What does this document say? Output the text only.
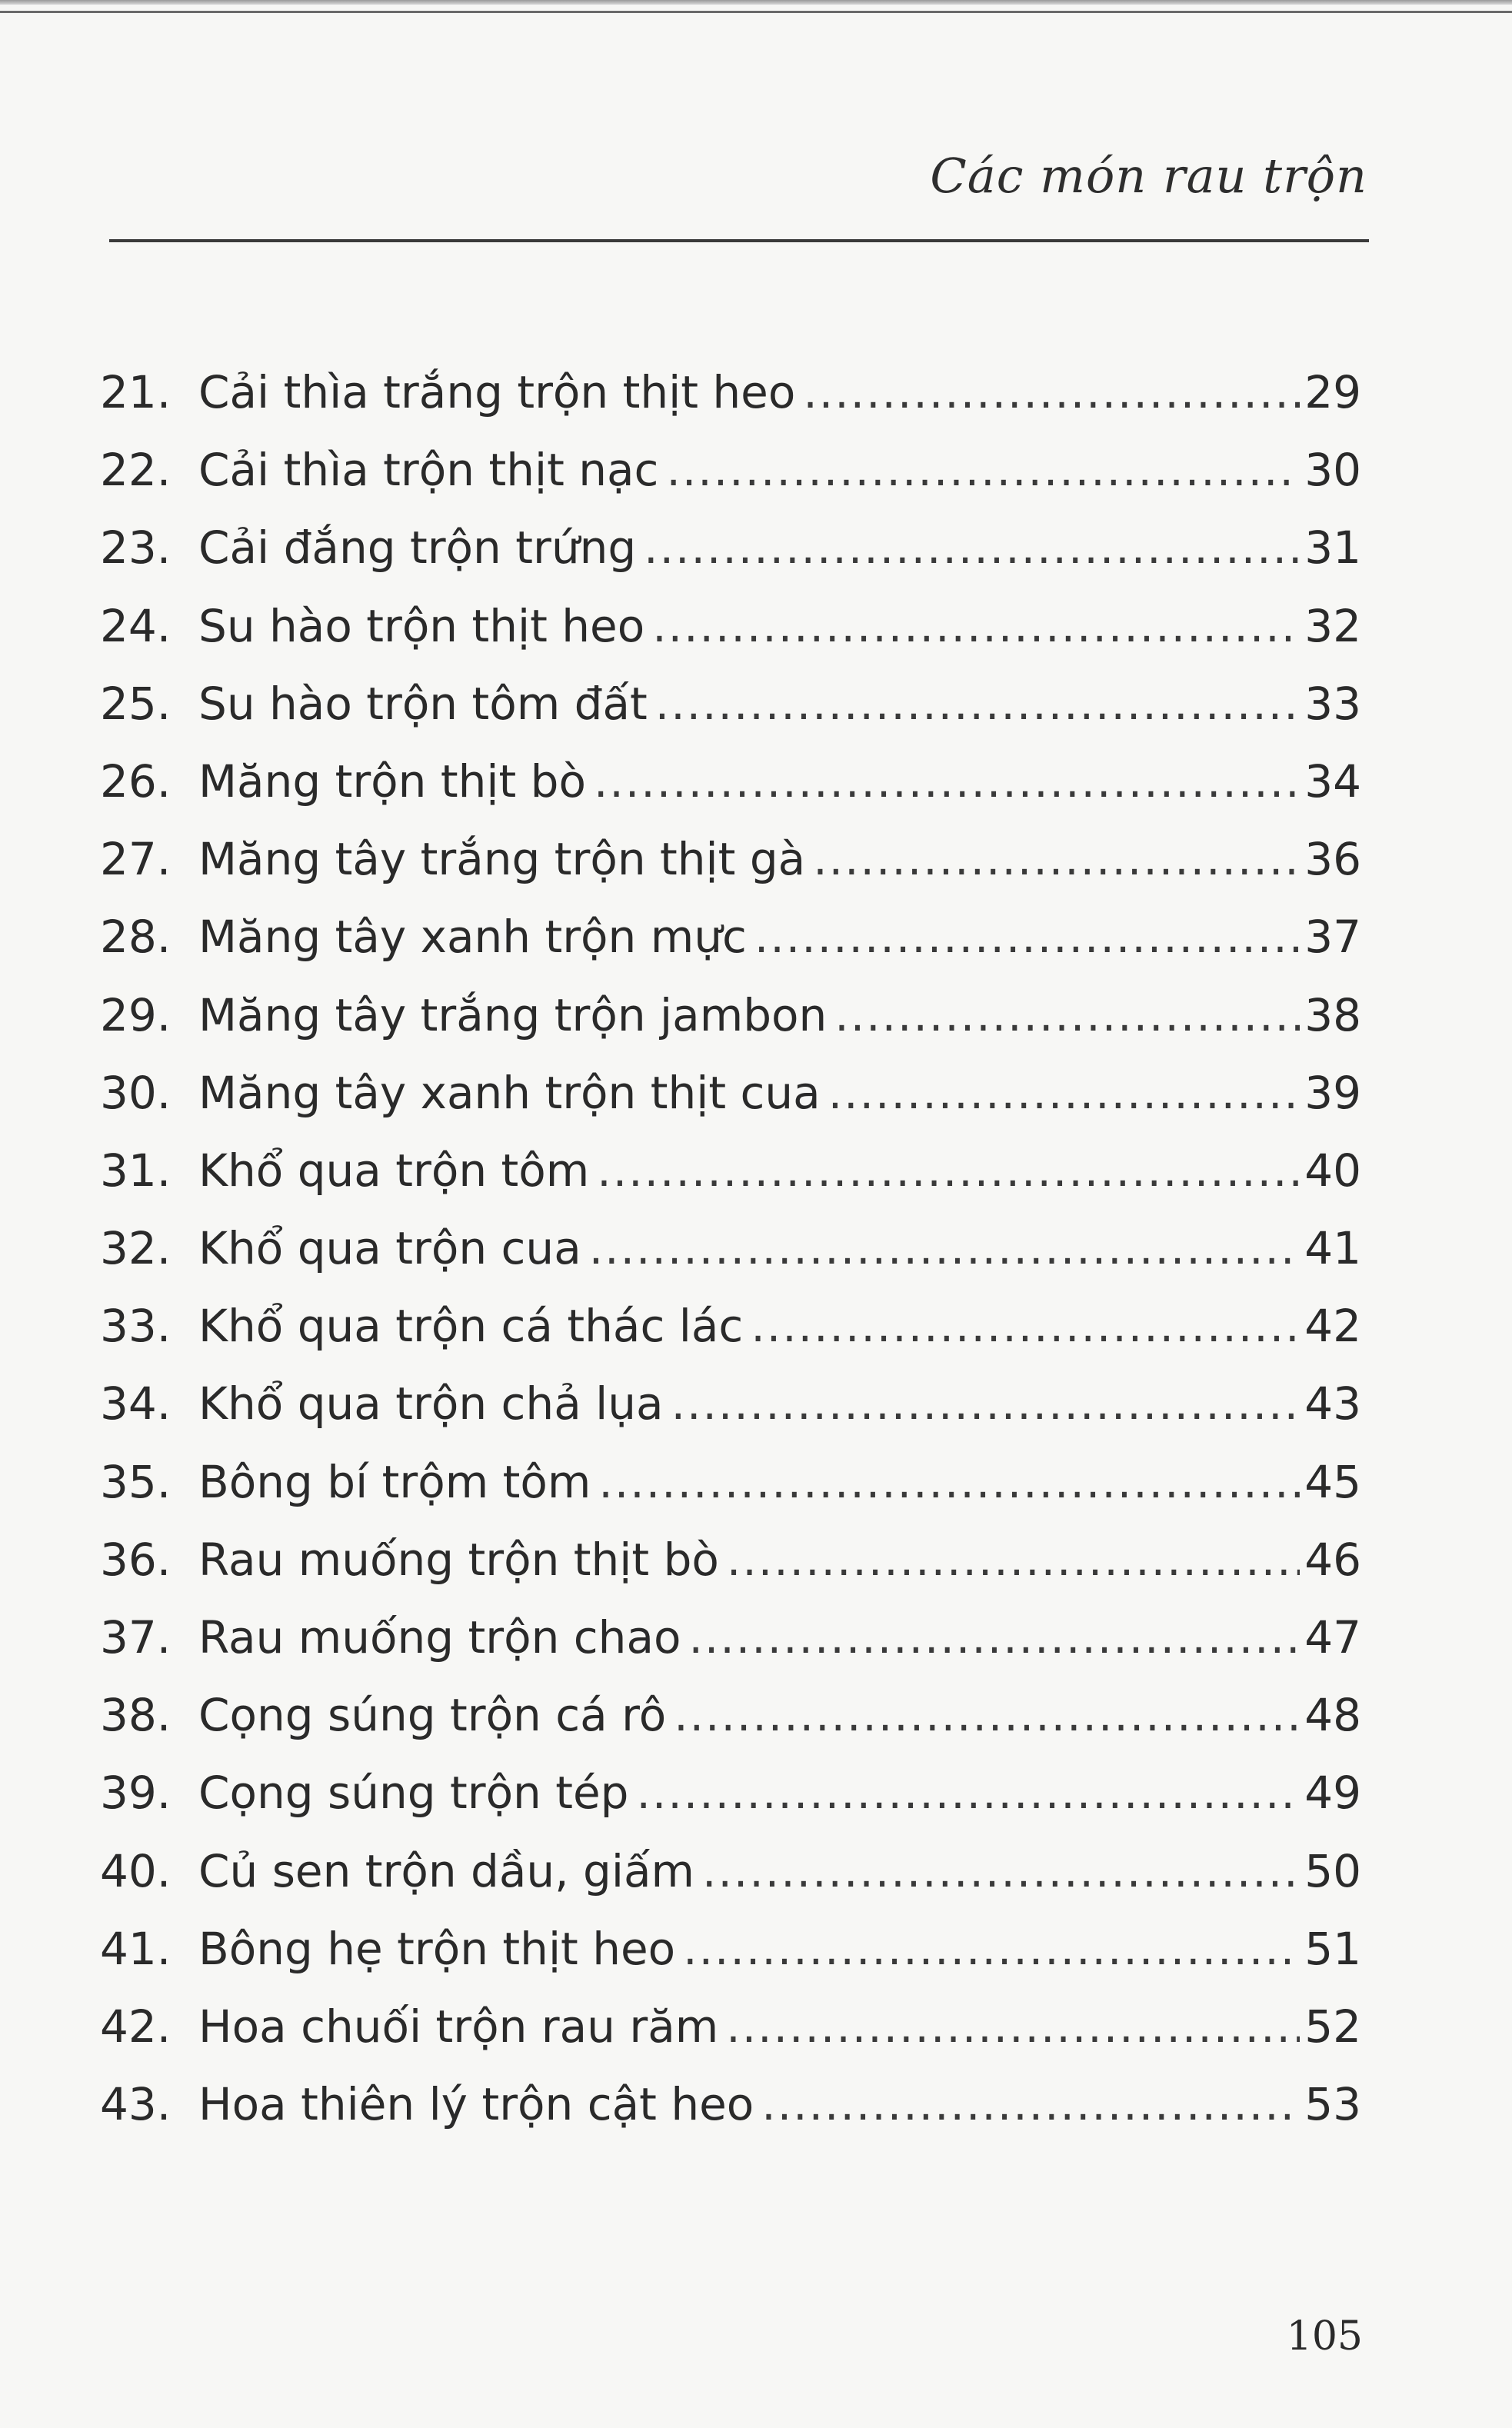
Các món rau trộn
21. Cải thìa trắng trộn thịt heo .....	29
22. Cải thìa trộn thịt nạc .....	30
23. Cải đắng trộn trứng .....	31
24. Su hào trộn thịt heo .....	32
25. Su hào trộn tôm đất .....	33
26. Măng trộn thịt bò .....	34
27. Măng tây trắng trộn thịt gà .....	36
28. Măng tây xanh trộn mực .....	37
29. Măng tây trắng trộn jambon .....	38
30. Măng tây xanh trộn thịt cua .....	39
31. Khổ qua trộn tôm .....	40
32. Khổ qua trộn cua .....	41
33. Khổ qua trộn cá thác lác .....	42
34. Khổ qua trộn chả lụa .....	43
35. Bông bí trộm tôm .....	45
36. Rau muống trộn thịt bò .....	46
37. Rau muống trộn chao .....	47
38. Cọng súng trộn cá rô .....	48
39. Cọng súng trộn tép .....	49
40. Củ sen trộn dầu, giấm .....	50
41. Bông hẹ trộn thịt heo .....	51
42. Hoa chuối trộn rau răm .....	52
43. Hoa thiên lý trộn cật heo .....	53
105
